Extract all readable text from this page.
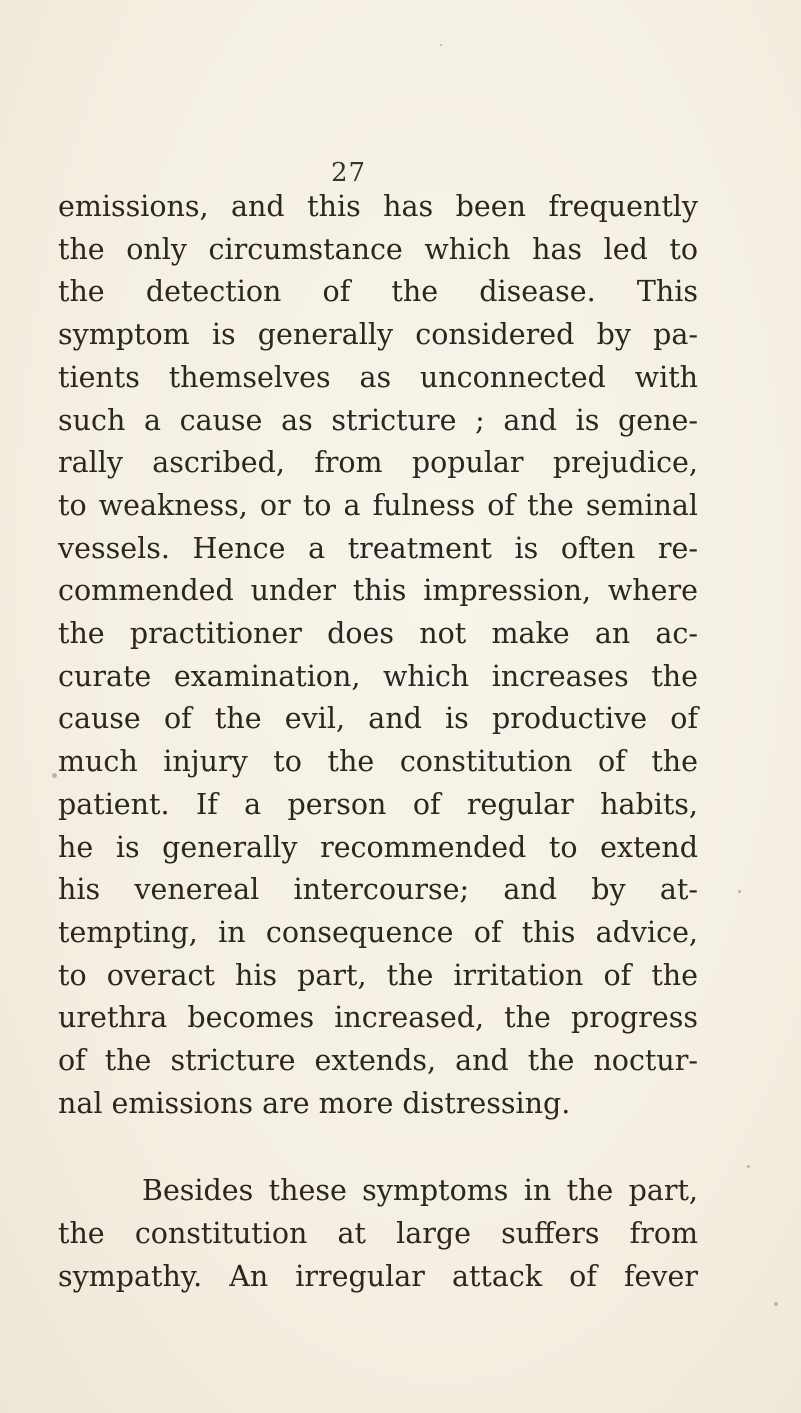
27
emissions, and this has been frequently
the only circumstance which has led to
the detection of the disease. This
symptom is generally considered by pa-
tients themselves as unconnected with
such a cause as stricture ; and is gene-
rally ascribed, from popular prejudice,
to weakness, or to a fulness of the seminal
vessels. Hence a treatment is often re-
commended under this impression, where
the practitioner does not make an ac-
curate examination, which increases the
cause of the evil, and is productive of
much injury to the constitution of the
patient. If a person of regular habits,
he is generally recommended to extend
his venereal intercourse; and by at-
tempting, in consequence of this advice,
to overact his part, the irritation of the
urethra becomes increased, the progress
of the stricture extends, and the noctur-
nal emissions are more distressing.
Besides these symptoms in the part,
the constitution at large suffers from
sympathy. An irregular attack of fever
